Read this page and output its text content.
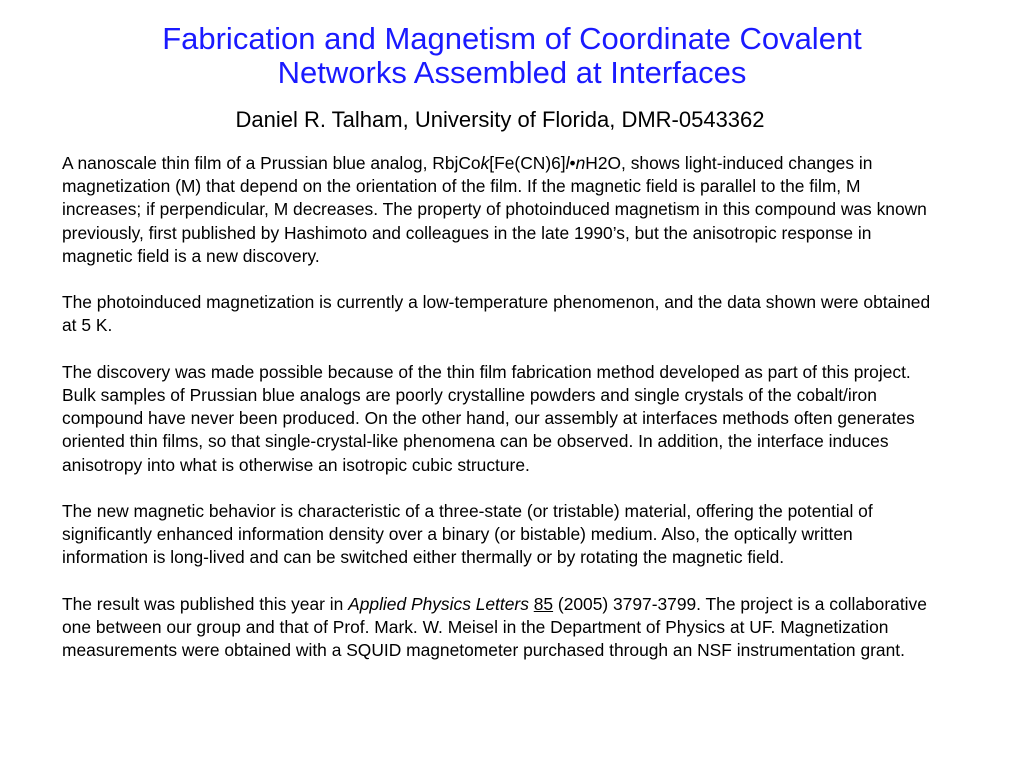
Fabrication and Magnetism of Coordinate Covalent
Networks Assembled at Interfaces
Daniel R. Talham, University of Florida, DMR-0543362

A nanoscale thin film of a Prussian blue analog, RbjCok[Fe(CN)6]l•nH2O, shows light-induced changes in magnetization (M) that depend on the orientation of the film. If the magnetic field is parallel to the film, M increases; if perpendicular, M decreases. The property of photoinduced magnetism in this compound was known previously, first published by Hashimoto and colleagues in the late 1990’s, but the anisotropic response in magnetic field is a new discovery.

The photoinduced magnetization is currently a low-temperature phenomenon, and the data shown were obtained at 5 K.

The discovery was made possible because of the thin film fabrication method developed as part of this project. Bulk samples of Prussian blue analogs are poorly crystalline powders and single crystals of the cobalt/iron compound have never been produced. On the other hand, our assembly at interfaces methods often generates oriented thin films, so that single-crystal-like phenomena can be observed. In addition, the interface induces anisotropy into what is otherwise an isotropic cubic structure.

The new magnetic behavior is characteristic of a three-state (or tristable) material, offering the potential of significantly enhanced information density over a binary (or bistable) medium. Also, the optically written information is long-lived and can be switched either thermally or by rotating the magnetic field.

The result was published this year in Applied Physics Letters 85 (2005) 3797-3799. The project is a collaborative one between our group and that of Prof. Mark. W. Meisel in the Department of Physics at UF. Magnetization measurements were obtained with a SQUID magnetometer purchased through an NSF instrumentation grant.
